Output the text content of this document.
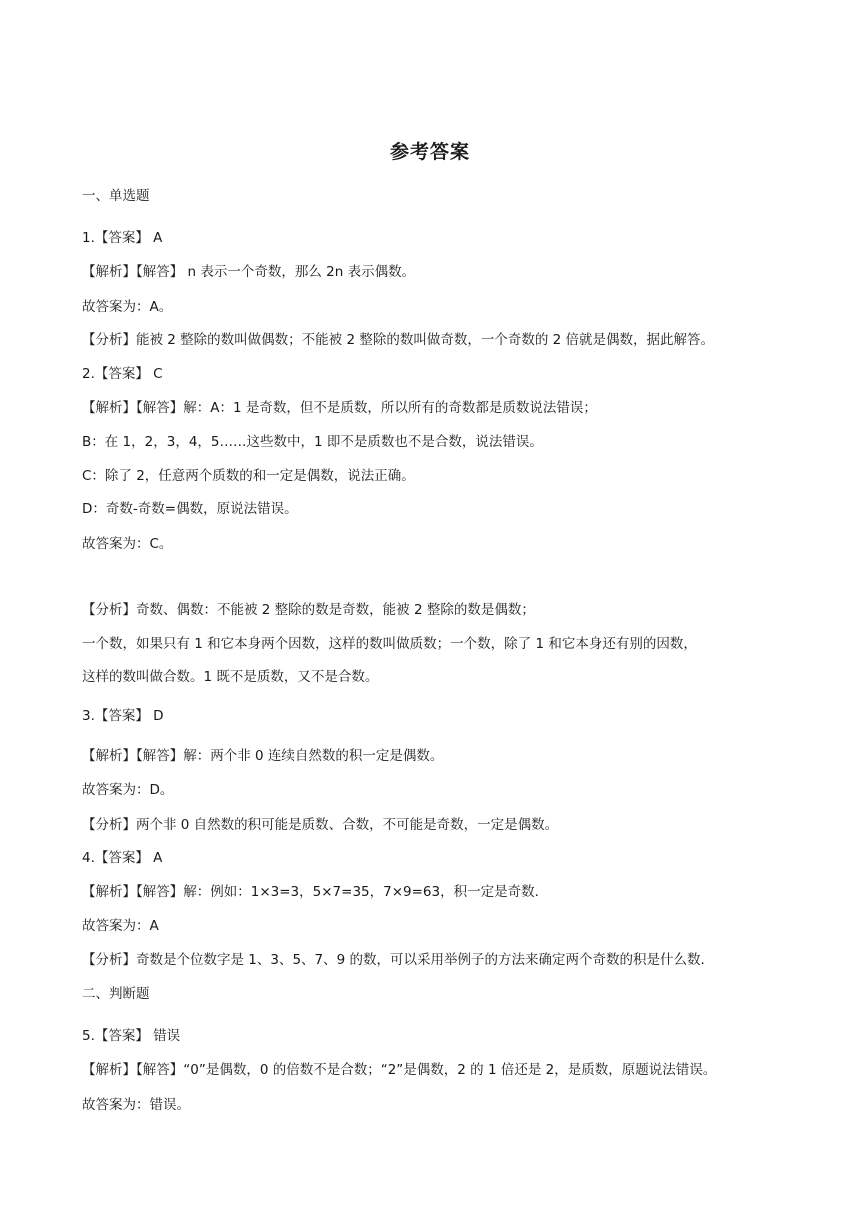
参考答案

一、单选题

1.【答案】 A

【解析】【解答】 n 表示一个奇数，那么 2n 表示偶数。

故答案为：A。

【分析】能被 2 整除的数叫做偶数；不能被 2 整除的数叫做奇数，一个奇数的 2 倍就是偶数，据此解答。

2.【答案】 C

【解析】【解答】解：A：1 是奇数，但不是质数，所以所有的奇数都是质数说法错误；

B：在 1，2，3，4，5……这些数中，1 即不是质数也不是合数，说法错误。

C：除了 2，任意两个质数的和一定是偶数，说法正确。

D：奇数-奇数=偶数，原说法错误。

故答案为：C。

【分析】奇数、偶数：不能被 2 整除的数是奇数，能被 2 整除的数是偶数；

一个数，如果只有 1 和它本身两个因数，这样的数叫做质数；一个数，除了 1 和它本身还有别的因数，

这样的数叫做合数。1 既不是质数，又不是合数。

3.【答案】 D

【解析】【解答】解：两个非 0 连续自然数的积一定是偶数。

故答案为：D。

【分析】两个非 0 自然数的积可能是质数、合数，不可能是奇数，一定是偶数。

4.【答案】 A

【解析】【解答】解：例如：1×3=3，5×7=35，7×9=63，积一定是奇数.

故答案为：A

【分析】奇数是个位数字是 1、3、5、7、9 的数，可以采用举例子的方法来确定两个奇数的积是什么数.

二、判断题

5.【答案】 错误

【解析】【解答】“0”是偶数，0 的倍数不是合数；“2”是偶数，2 的 1 倍还是 2，是质数，原题说法错误。

故答案为：错误。
